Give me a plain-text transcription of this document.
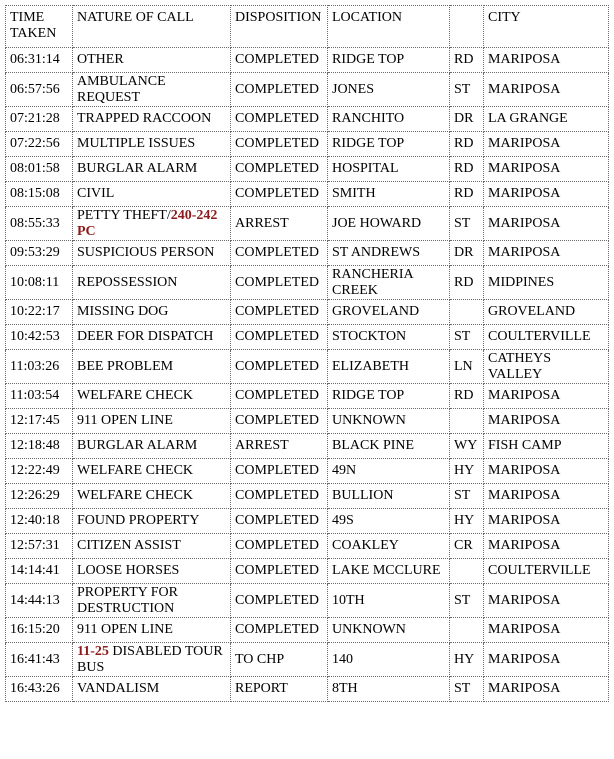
TIME TAKEN	NATURE OF CALL	DISPOSITION	LOCATION		CITY
06:31:14	OTHER	COMPLETED	RIDGE TOP	RD	MARIPOSA
06:57:56	AMBULANCE REQUEST	COMPLETED	JONES	ST	MARIPOSA
07:21:28	TRAPPED RACCOON	COMPLETED	RANCHITO	DR	LA GRANGE
07:22:56	MULTIPLE ISSUES	COMPLETED	RIDGE TOP	RD	MARIPOSA
08:01:58	BURGLAR ALARM	COMPLETED	HOSPITAL	RD	MARIPOSA
08:15:08	CIVIL	COMPLETED	SMITH	RD	MARIPOSA
08:55:33	PETTY THEFT/240-242 PC	ARREST	JOE HOWARD	ST	MARIPOSA
09:53:29	SUSPICIOUS PERSON	COMPLETED	ST ANDREWS	DR	MARIPOSA
10:08:11	REPOSSESSION	COMPLETED	RANCHERIA CREEK	RD	MIDPINES
10:22:17	MISSING DOG	COMPLETED	GROVELAND		GROVELAND
10:42:53	DEER FOR DISPATCH	COMPLETED	STOCKTON	ST	COULTERVILLE
11:03:26	BEE PROBLEM	COMPLETED	ELIZABETH	LN	CATHEYS VALLEY
11:03:54	WELFARE CHECK	COMPLETED	RIDGE TOP	RD	MARIPOSA
12:17:45	911 OPEN LINE	COMPLETED	UNKNOWN		MARIPOSA
12:18:48	BURGLAR ALARM	ARREST	BLACK PINE	WY	FISH CAMP
12:22:49	WELFARE CHECK	COMPLETED	49N	HY	MARIPOSA
12:26:29	WELFARE CHECK	COMPLETED	BULLION	ST	MARIPOSA
12:40:18	FOUND PROPERTY	COMPLETED	49S	HY	MARIPOSA
12:57:31	CITIZEN ASSIST	COMPLETED	COAKLEY	CR	MARIPOSA
14:14:41	LOOSE HORSES	COMPLETED	LAKE MCCLURE		COULTERVILLE
14:44:13	PROPERTY FOR DESTRUCTION	COMPLETED	10TH	ST	MARIPOSA
16:15:20	911 OPEN LINE	COMPLETED	UNKNOWN		MARIPOSA
16:41:43	11-25 DISABLED TOUR BUS	TO CHP	140	HY	MARIPOSA
16:43:26	VANDALISM	REPORT	8TH	ST	MARIPOSA
